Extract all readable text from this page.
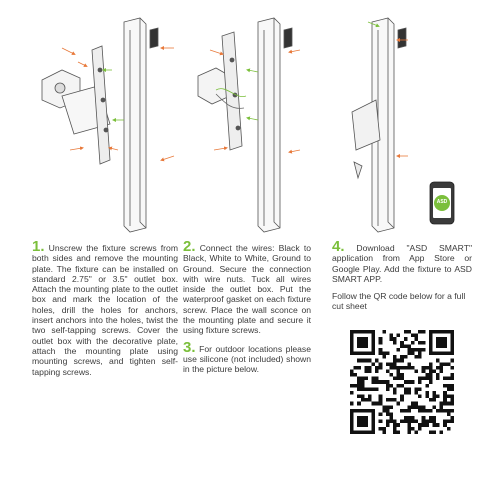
ASD

1. Unscrew the fixture screws from both sides and remove the mounting plate. The fixture can be installed on standard 2.75" or 3.5" outlet box. Attach the mounting plate to the outlet box and mark the location of the holes, drill the holes for anchors, insert anchors into the holes, twist the two self-tapping screws. Cover the outlet box with the decorative plate, attach the mounting plate using mounting screws, and tighten self-tapping screws.

2. Connect the wires: Black to Black, White to White, Ground to Ground. Secure the connection with wire nuts. Tuck all wires inside the outlet box. Put the waterproof gasket on each fixture screw. Place the wall sconce on the mounting plate and secure it using fixture screws.

3. For outdoor locations please use silicone (not included) shown in the picture below.

4. Download "ASD SMART" application from App Store or Google Play. Add the fixture to ASD SMART APP.

Follow the QR code below for a full cut sheet
